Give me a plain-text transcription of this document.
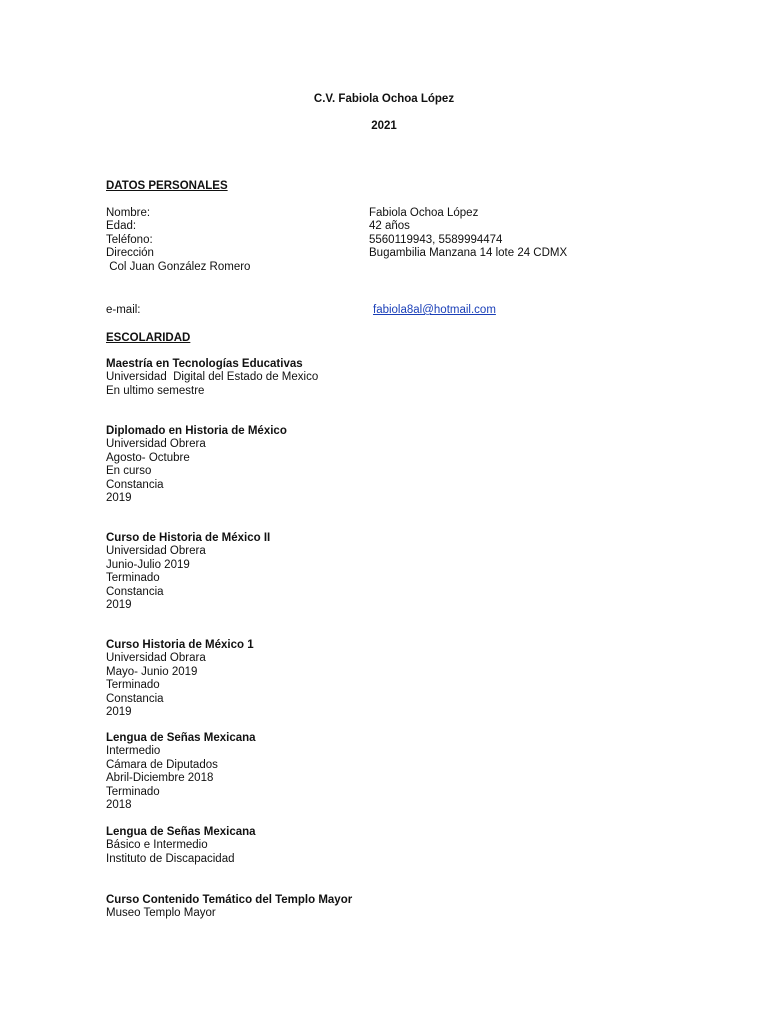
C.V. Fabiola Ochoa López
2021
DATOS PERSONALES
Nombre:	Fabiola Ochoa López
Edad:	42 años
Teléfono:	5560119943, 5589994474
Dirección	Bugambilia Manzana 14 lote 24 CDMX
Col Juan González Romero
e-mail:	fabiola8al@hotmail.com
ESCOLARIDAD
Maestría en Tecnologías Educativas
Universidad  Digital del Estado de Mexico
En ultimo semestre
Diplomado en Historia de México
Universidad Obrera
Agosto- Octubre
En curso
Constancia
2019
Curso de Historia de México II
Universidad Obrera
Junio-Julio 2019
Terminado
Constancia
2019
Curso Historia de México 1
Universidad Obrara
Mayo- Junio 2019
Terminado
Constancia
2019
Lengua de Señas Mexicana
Intermedio
Cámara de Diputados
Abril-Diciembre 2018
Terminado
2018
Lengua de Señas Mexicana
Básico e Intermedio
Instituto de Discapacidad
Curso Contenido Temático del Templo Mayor
Museo Templo Mayor
